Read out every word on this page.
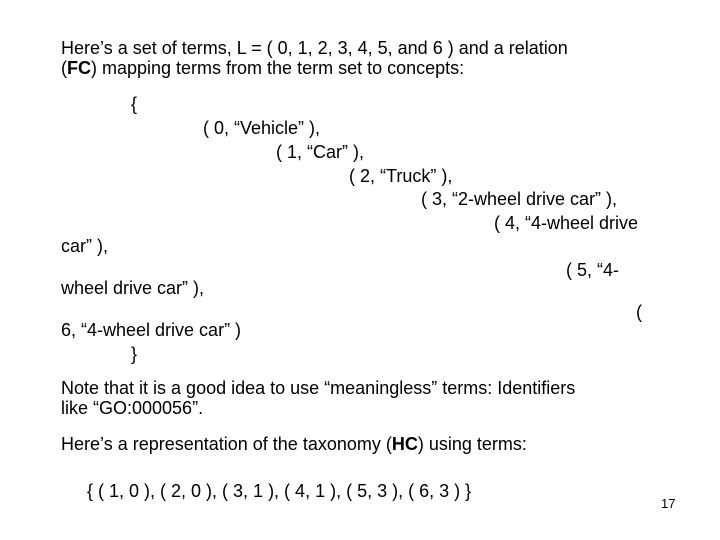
Here’s a set of terms, L = ( 0, 1, 2, 3, 4, 5, and 6 ) and a relation
(FC) mapping terms from the term set to concepts:
{
( 0, “Vehicle” ),
( 1, “Car” ),
( 2, “Truck” ),
( 3, “2-wheel drive car” ),
( 4, “4-wheel drive
car” ),
( 5, “4-
wheel drive car” ),
(
6, “4-wheel drive car” )
}
Note that it is a good idea to use “meaningless” terms: Identifiers
like “GO:000056”.
Here’s a representation of the taxonomy (HC) using terms:
{ ( 1, 0 ), ( 2, 0 ), ( 3, 1 ), ( 4, 1 ), ( 5, 3 ), ( 6, 3 ) }
17
